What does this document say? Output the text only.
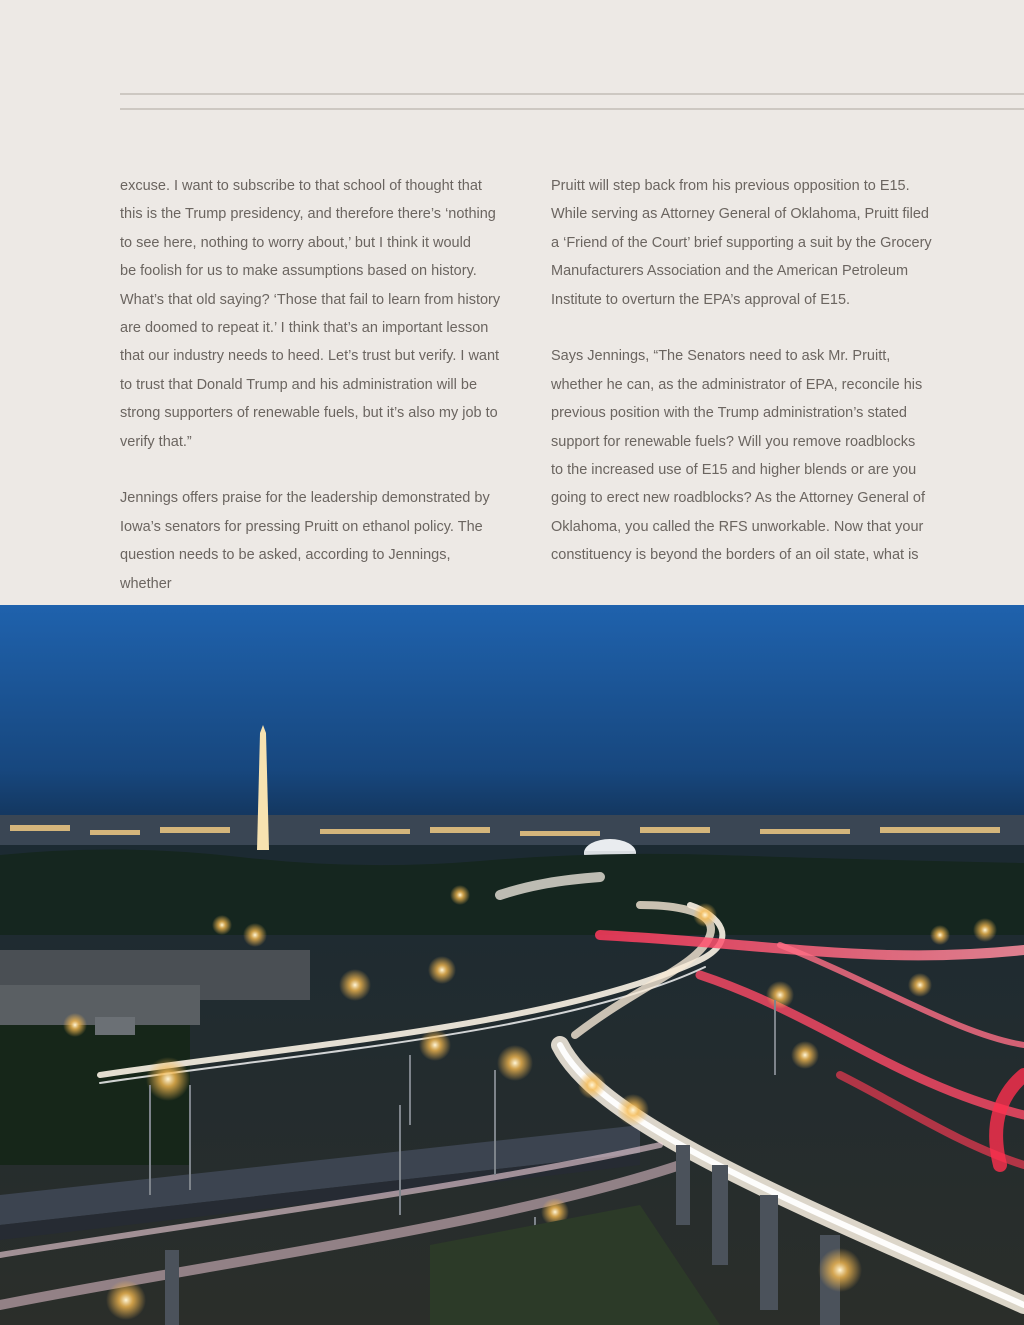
excuse. I want to subscribe to that school of thought that
this is the Trump presidency, and therefore there’s ‘nothing
to see here, nothing to worry about,’ but I think it would
be foolish for us to make assumptions based on history.
What’s that old saying? ‘Those that fail to learn from history
are doomed to repeat it.’ I think that’s an important lesson
that our industry needs to heed. Let’s trust but verify. I want
to trust that Donald Trump and his administration will be
strong supporters of renewable fuels, but it’s also my job to
verify that.”

Jennings offers praise for the leadership demonstrated by
Iowa’s senators for pressing Pruitt on ethanol policy. The
question needs to be asked, according to Jennings, whether

Pruitt will step back from his previous opposition to E15.
While serving as Attorney General of Oklahoma, Pruitt filed
a ‘Friend of the Court’ brief supporting a suit by the Grocery
Manufacturers Association and the American Petroleum
Institute to overturn the EPA’s approval of E15.

Says Jennings, “The Senators need to ask Mr. Pruitt,
whether he can, as the administrator of EPA, reconcile his
previous position with the Trump administration’s stated
support for renewable fuels? Will you remove roadblocks
to the increased use of E15 and higher blends or are you
going to erect new roadblocks? As the Attorney General of
Oklahoma, you called the RFS unworkable. Now that your
constituency is beyond the borders of an oil state, what is
